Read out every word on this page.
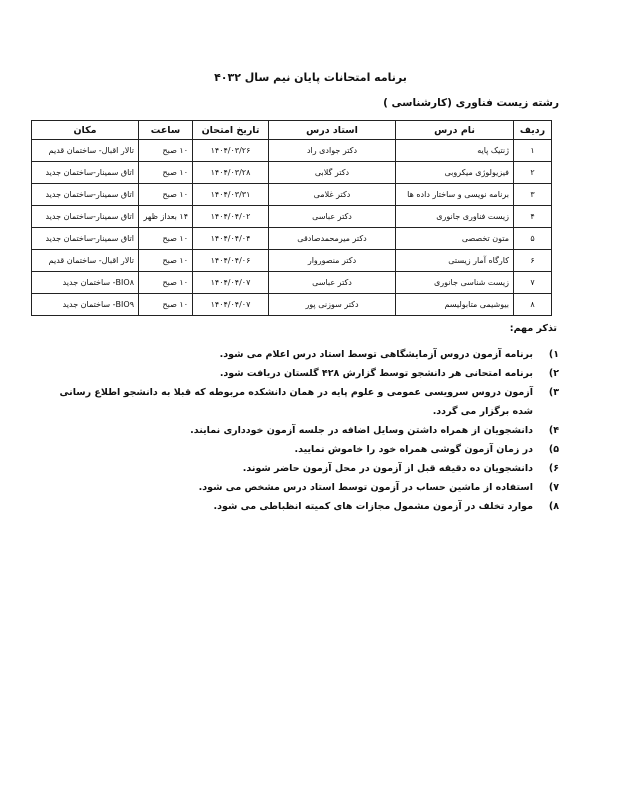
برنامه امتحانات پایان نیم سال ۴۰۳۲
رشته زیست فناوری (کارشناسی )
ردیف	نام درس	استاد درس	تاریخ امتحان	ساعت	مکان
۱	ژنتیک پایه	دکتر جوادی راد	۱۴۰۴/۰۳/۲۶	۱۰ صبح	تالار اقبال- ساختمان قدیم
۲	فیزیولوژی میکروبی	دکتر گلابی	۱۴۰۴/۰۳/۲۸	۱۰ صبح	اتاق سمینار-ساختمان جدید
۳	برنامه نویسی و ساختار داده ها	دکتر غلامی	۱۴۰۴/۰۳/۳۱	۱۰ صبح	اتاق سمینار-ساختمان جدید
۴	زیست فناوری جانوری	دکتر عباسی	۱۴۰۴/۰۴/۰۲	۱۴ بعداز ظهر	اتاق سمینار-ساختمان جدید
۵	متون تخصصی	دکتر میرمحمدصادقی	۱۴۰۴/۰۴/۰۴	۱۰ صبح	اتاق سمینار-ساختمان جدید
۶	کارگاه آمار زیستی	دکتر منصوروار	۱۴۰۴/۰۴/۰۶	۱۰ صبح	تالار اقبال- ساختمان قدیم
۷	زیست شناسی جانوری	دکتر عباسی	۱۴۰۴/۰۴/۰۷	۱۰ صبح	BIO۸- ساختمان جدید
۸	بیوشیمی متابولیسم	دکتر سوزنی پور	۱۴۰۴/۰۴/۰۷	۱۰ صبح	BIO۹- ساختمان جدید
تذکر مهم:
۱)
برنامه آزمون دروس آزمایشگاهی توسط استاد درس اعلام می شود.
۲)
برنامه امتحانی هر دانشجو توسط گزارش ۴۲۸ گلستان دریافت شود.
۳)
آزمون دروس سرویسی عمومی و علوم پایه در همان دانشکده مربوطه که قبلا به دانشجو اطلاع رسانی شده برگزار می گردد.
۴)
دانشجویان از همراه داشتن وسایل اضافه در جلسه آزمون خودداری نمایند.
۵)
در زمان آزمون گوشی همراه خود را خاموش نمایید.
۶)
دانشجویان ده دقیقه قبل از آزمون در محل آزمون حاضر شوند.
۷)
استفاده از ماشین حساب در آزمون توسط استاد درس مشخص می شود.
۸)
موارد تخلف در آزمون مشمول مجازات های کمیته انظباطی می شود.
